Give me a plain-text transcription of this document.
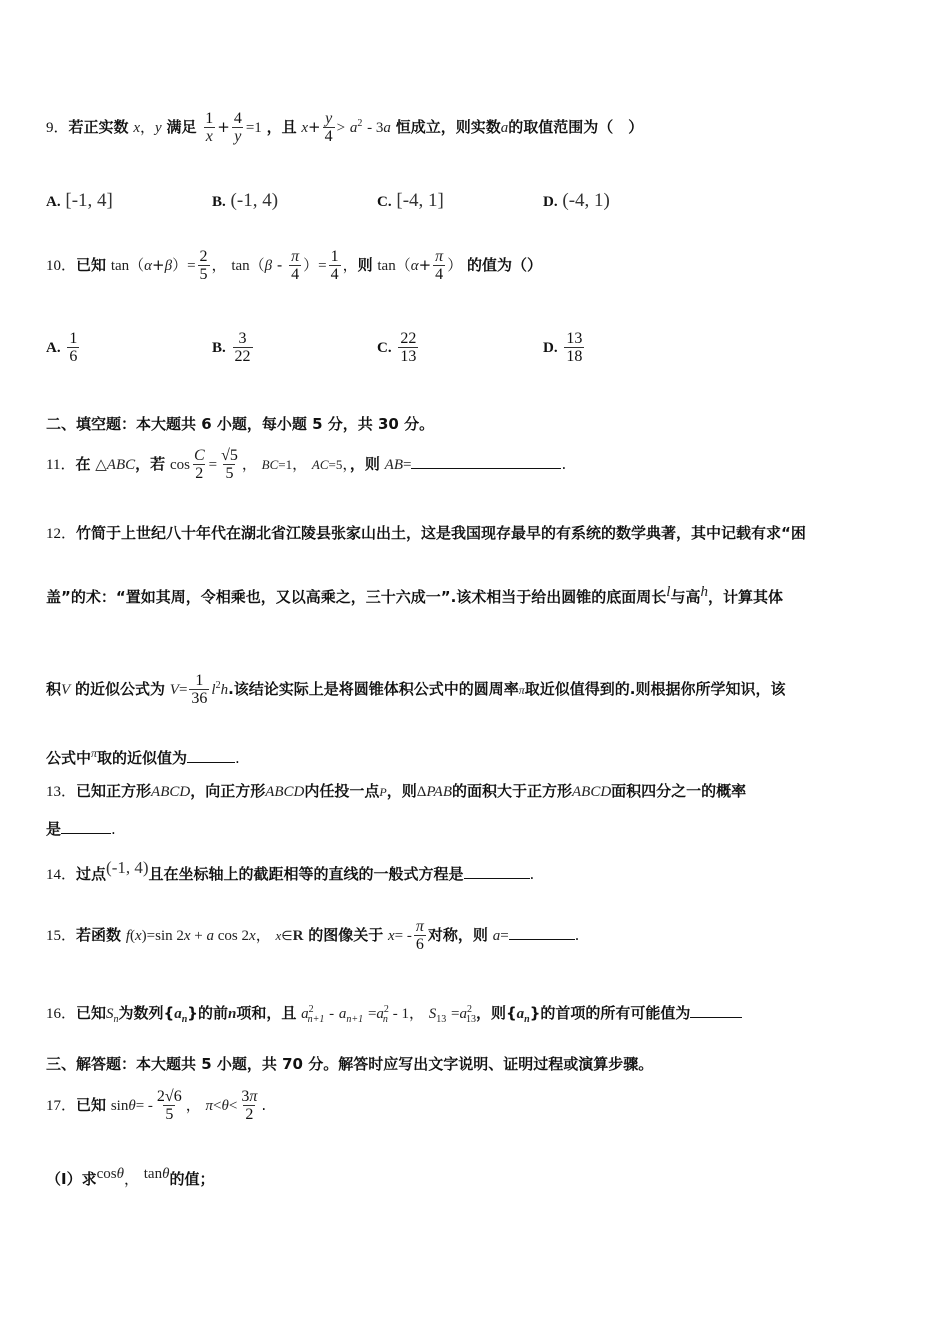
9．若正实数 x，y 满足 $\frac{1}{x} + \frac{4}{y} =1$ ，且 $x+ \frac{y}{4} > a^2 - 3a$ 恒成立，则实数a的取值范围为（　）
A. [-1, 4]	B. (-1, 4)	C. [-4, 1]	D. (-4, 1)
10．已知 $\tan(\alpha+\beta)= \frac{2}{5}$ ， $\tan(\beta - \frac{\pi}{4}$ ）= $\frac{1}{4}$ ，则 $\tan(\alpha+ \frac{\pi}{4}$ ） 的值为（）
A. $\frac{1}{6}$	B. $\frac{3}{22}$	C. $\frac{22}{13}$	D. $\frac{13}{18}$
二、填空题：本大题共 6 小题，每小题 5 分，共 30 分。
11．在 △ABC，若 $\cos \frac{C}{2} = \frac{√5}{5}$ ， BC=1， AC=5，，则 AB=	.
12．竹简于上世纪八十年代在湖北省江陵县张家山出土，这是我国现存最早的有系统的数学典著，其中记载有求“困
盖”的术：“置如其周，令相乘也，又以高乘之，三十六成一”.该术相当于给出圆锥的底面周长l与高h，计算其体
积V 的近似公式为 $V= \frac{1}{36} l^2h$.该结论实际上是将圆锥体积公式中的圆周率π取近似值得到的.则根据你所学知识，该
公式中$^\pi$取的近似值为	.
13．已知正方形ABCD，向正方形ABCD内任投一点P，则ΔPAB的面积大于正方形ABCD面积四分之一的概率
是	.
14．过点(-1, 4)且在坐标轴上的截距相等的直线的一般式方程是	.
15．若函数 f(x)=sin 2x + a cos 2x， x∈R 的图像关于 $x= - \frac{\pi}{6}$ 对称，则 a=	.
16．已知$S_n$为数列$\{a_n\}$的前n项和，且 $a^2_{n+1} - a_{n+1} =a^2_n - 1$， $S_{13} =a^2_{13}$，则$\{a_n\}$的首项的所有可能值为
三、解答题：本大题共 5 小题，共 70 分。解答时应写出文字说明、证明过程或演算步骤。
17．已知 $\sin\theta= - \frac{2√6}{5}$ ， $\pi<\theta< \frac{3\pi}{2}$ .
（Ⅰ）求cosθ， tanθ的值；
